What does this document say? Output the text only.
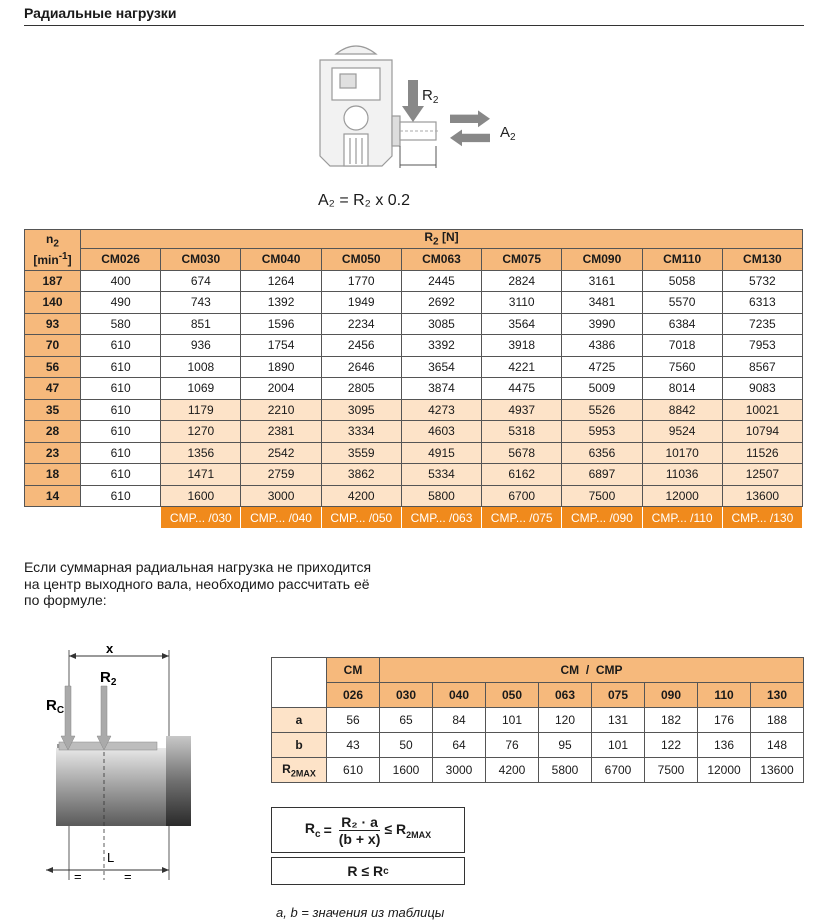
Радиальные нагрузки
$R_2$
$A_2$
A₂ = R₂ x 0.2
$n_2$
$[\min^{-1}]$	$R_2$ [N]								
	CM026	CM030	CM040	CM050	CM063	CM075	CM090	CM110	CM130
187	400	674	1264	1770	2445	2824	3161	5058	5732
140	490	743	1392	1949	2692	3110	3481	5570	6313
93	580	851	1596	2234	3085	3564	3990	6384	7235
70	610	936	1754	2456	3392	3918	4386	7018	7953
56	610	1008	1890	2646	3654	4221	4725	7560	8567
47	610	1069	2004	2805	3874	4475	5009	8014	9083
35	610	1179	2210	3095	4273	4937	5526	8842	10021
28	610	1270	2381	3334	4603	5318	5953	9524	10794
23	610	1356	2542	3559	4915	5678	6356	10170	11526
18	610	1471	2759	3862	5334	6162	6897	11036	12507
14	610	1600	3000	4200	5800	6700	7500	12000	13600
		CMP... /030	CMP... /040	CMP... /050	CMP... /063	CMP... /075	CMP... /090	CMP... /110	CMP... /130
Если суммарная радиальная нагрузка не приходится на центр выходного вала, необходимо рассчитать её по формуле:
x
$R_C$
$R_2$
L
=	=
	CM	CM  /  CMP							
	026	030	040	050	063	075	090	110	130
a	56	65	84	101	120	131	182	176	188
b	43	50	64	76	95	101	122	136	148
$R_{2MAX}$	610	1600	3000	4200	5800	6700	7500	12000	13600
$R_c = \frac{\text{R₂ · a}}{(b + x)} \le R_{2MAX}$
R ≤ R c
a, b = значения из таблицы
